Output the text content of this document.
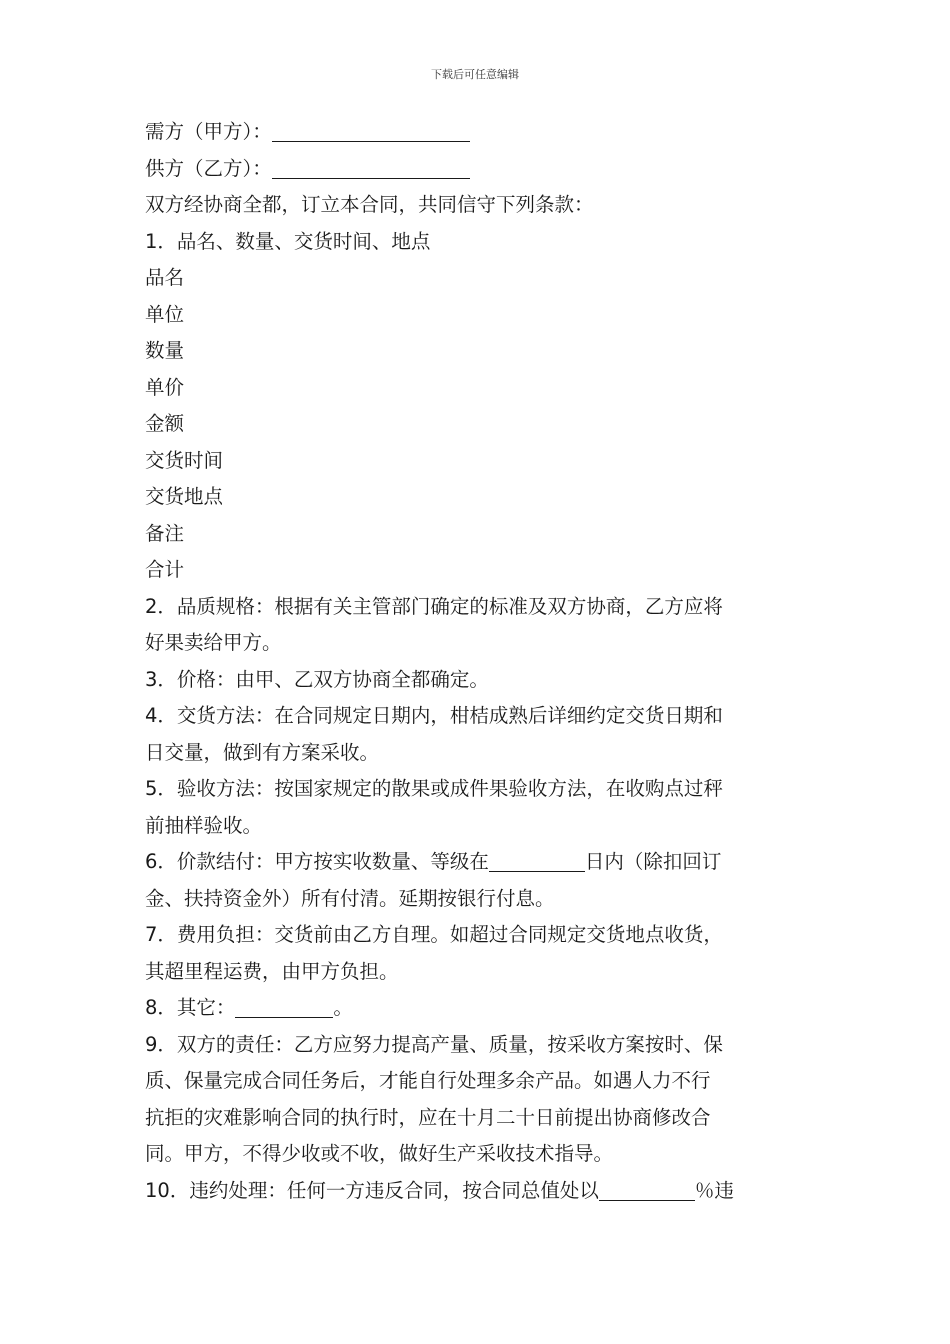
下载后可任意编辑
需方（甲方）：
供方（乙方）：
双方经协商全都，订立本合同，共同信守下列条款：
1．品名、数量、交货时间、地点
品名
单位
数量
单价
金额
交货时间
交货地点
备注
合计
2．品质规格：根据有关主管部门确定的标准及双方协商，乙方应将
好果卖给甲方。
3．价格：由甲、乙双方协商全都确定。
4．交货方法：在合同规定日期内，柑桔成熟后详细约定交货日期和
日交量，做到有方案采收。
5．验收方法：按国家规定的散果或成件果验收方法，在收购点过秤
前抽样验收。
6．价款结付：甲方按实收数量、等级在	日内（除扣回订
金、扶持资金外）所有付清。延期按银行付息。
7．费用负担：交货前由乙方自理。如超过合同规定交货地点收货，
其超里程运费，由甲方负担。
8．其它：	。
9．双方的责任：乙方应努力提高产量、质量，按采收方案按时、保
质、保量完成合同任务后，才能自行处理多余产品。如遇人力不行
抗拒的灾难影响合同的执行时，应在十月二十日前提出协商修改合
同。甲方，不得少收或不收，做好生产采收技术指导。
10．违约处理：任何一方违反合同，按合同总值处以	％违
